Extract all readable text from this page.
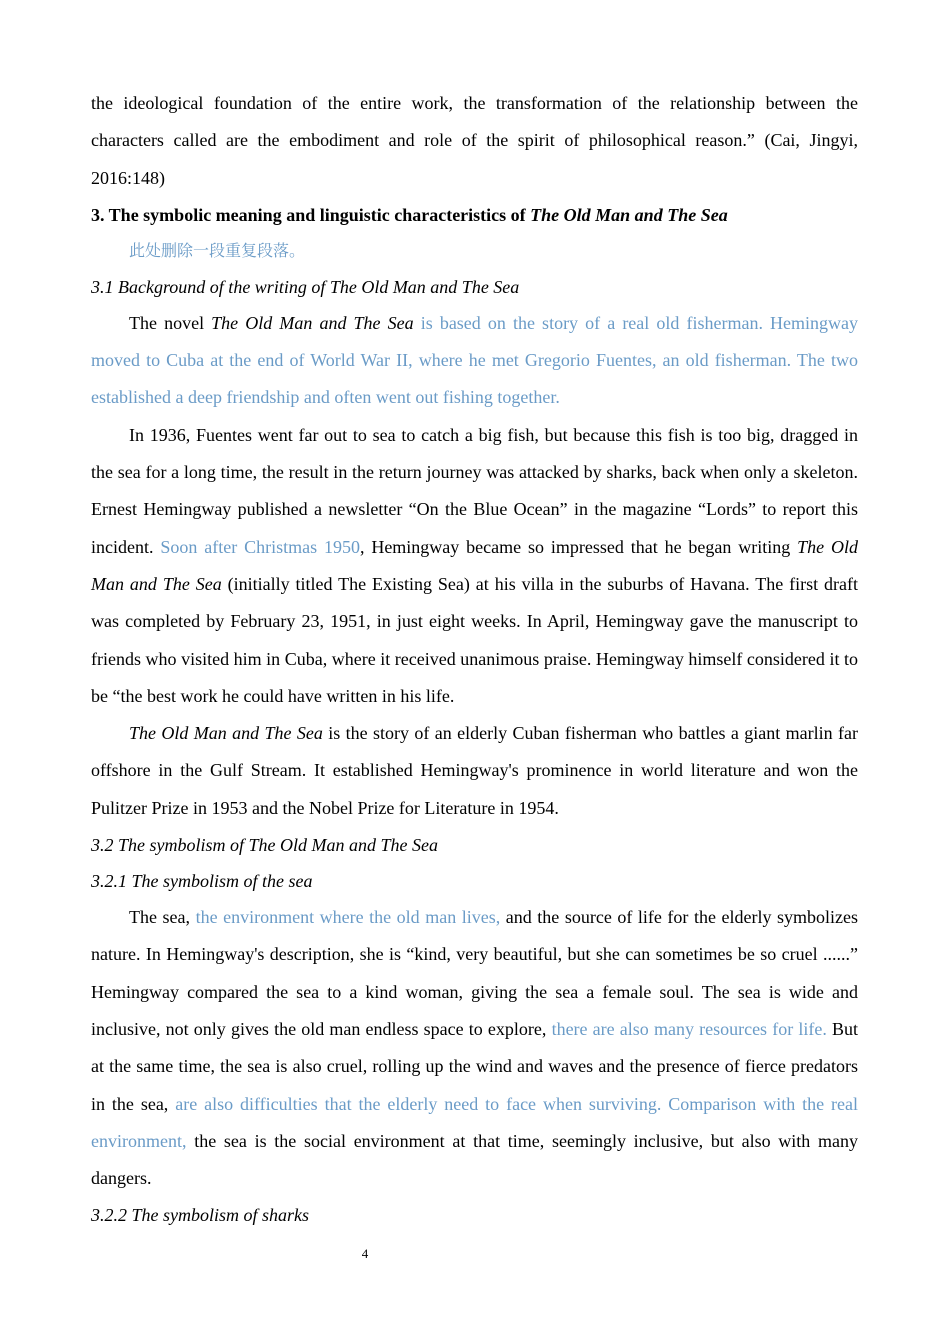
the ideological foundation of the entire work, the transformation of the relationship between the characters called are the embodiment and role of the spirit of philosophical reason.” (Cai, Jingyi, 2016:148)

3. The symbolic meaning and linguistic characteristics of The Old Man and The Sea

此处删除一段重复段落。

3.1 Background of the writing of The Old Man and The Sea

The novel The Old Man and The Sea is based on the story of a real old fisherman. Hemingway moved to Cuba at the end of World War II, where he met Gregorio Fuentes, an old fisherman. The two established a deep friendship and often went out fishing together.

In 1936, Fuentes went far out to sea to catch a big fish, but because this fish is too big, dragged in the sea for a long time, the result in the return journey was attacked by sharks, back when only a skeleton. Ernest Hemingway published a newsletter “On the Blue Ocean” in the magazine “Lords” to report this incident. Soon after Christmas 1950, Hemingway became so impressed that he began writing The Old Man and The Sea (initially titled The Existing Sea) at his villa in the suburbs of Havana. The first draft was completed by February 23, 1951, in just eight weeks. In April, Hemingway gave the manuscript to friends who visited him in Cuba, where it received unanimous praise. Hemingway himself considered it to be “the best work he could have written in his life.

The Old Man and The Sea is the story of an elderly Cuban fisherman who battles a giant marlin far offshore in the Gulf Stream. It established Hemingway's prominence in world literature and won the Pulitzer Prize in 1953 and the Nobel Prize for Literature in 1954.

3.2 The symbolism of The Old Man and The Sea

3.2.1 The symbolism of the sea

The sea, the environment where the old man lives, and the source of life for the elderly symbolizes nature. In Hemingway's description, she is “kind, very beautiful, but she can sometimes be so cruel ......” Hemingway compared the sea to a kind woman, giving the sea a female soul. The sea is wide and inclusive, not only gives the old man endless space to explore, there are also many resources for life. But at the same time, the sea is also cruel, rolling up the wind and waves and the presence of fierce predators in the sea, are also difficulties that the elderly need to face when surviving. Comparison with the real environment, the sea is the social environment at that time, seemingly inclusive, but also with many dangers.

3.2.2 The symbolism of sharks

4
